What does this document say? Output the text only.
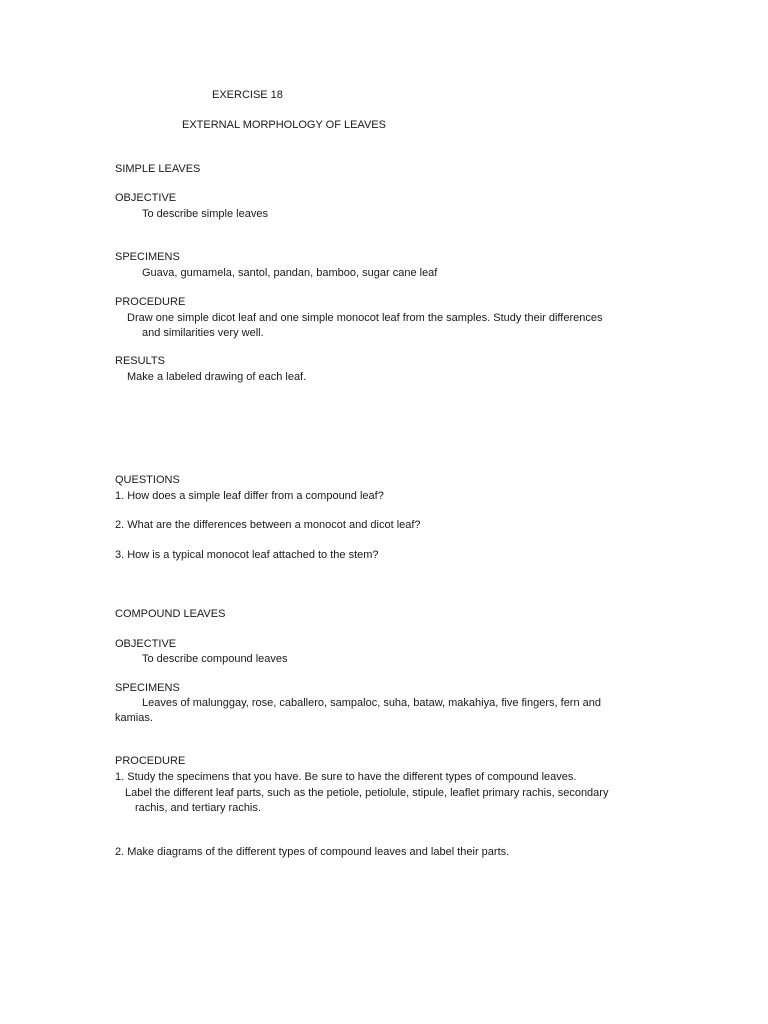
EXERCISE 18
EXTERNAL MORPHOLOGY OF LEAVES
SIMPLE LEAVES
OBJECTIVE
To describe simple leaves
SPECIMENS
Guava, gumamela, santol, pandan, bamboo, sugar cane leaf
PROCEDURE
Draw one simple dicot leaf and one simple monocot leaf from the samples. Study their differences
and similarities very well.
RESULTS
Make a labeled drawing of each leaf.
QUESTIONS
1. How does a simple leaf differ from a compound leaf?
2. What are the differences between a monocot and dicot leaf?
3. How is a typical monocot leaf attached to the stem?
COMPOUND LEAVES
OBJECTIVE
To describe compound leaves
SPECIMENS
Leaves of malunggay, rose, caballero, sampaloc, suha, bataw, makahiya, five fingers, fern and
kamias.
PROCEDURE
1. Study the specimens that you have. Be sure to have the different types of compound leaves.
Label the different leaf parts, such as the petiole, petiolule, stipule, leaflet primary rachis, secondary
rachis, and tertiary rachis.
2. Make diagrams of the different types of compound leaves and label their parts.
